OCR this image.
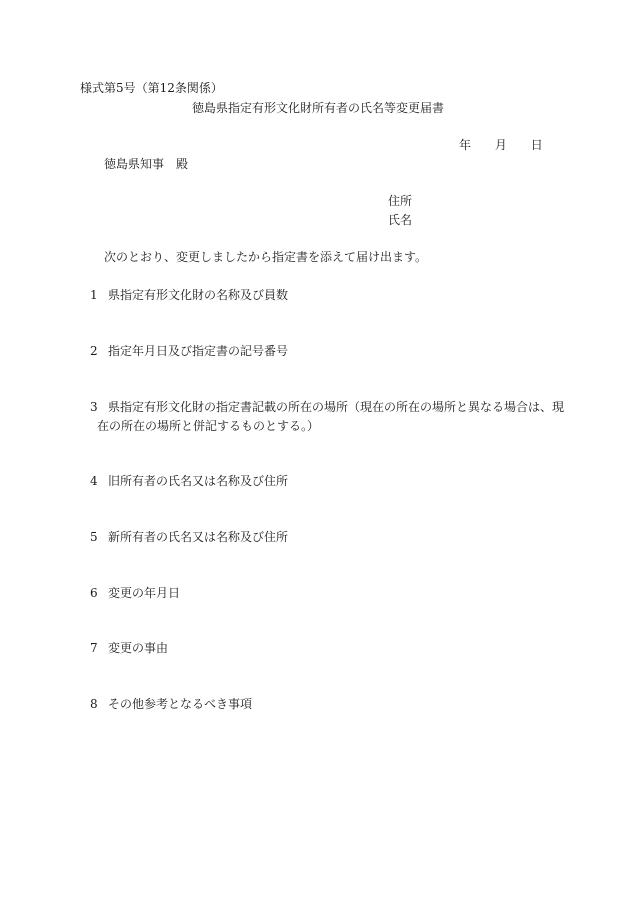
様式第5号（第12条関係）
徳島県指定有形文化財所有者の氏名等変更届書
年 月 日
徳島県知事　殿
住所
氏名
次のとおり、変更しましたから指定書を添えて届け出ます。
1 県指定有形文化財の名称及び員数
2 指定年月日及び指定書の記号番号
3 県指定有形文化財の指定書記載の所在の場所（現在の所在の場所と異なる場合は、現
在の所在の場所と併記するものとする。）
4 旧所有者の氏名又は名称及び住所
5 新所有者の氏名又は名称及び住所
6 変更の年月日
7 変更の事由
8 その他参考となるべき事項
